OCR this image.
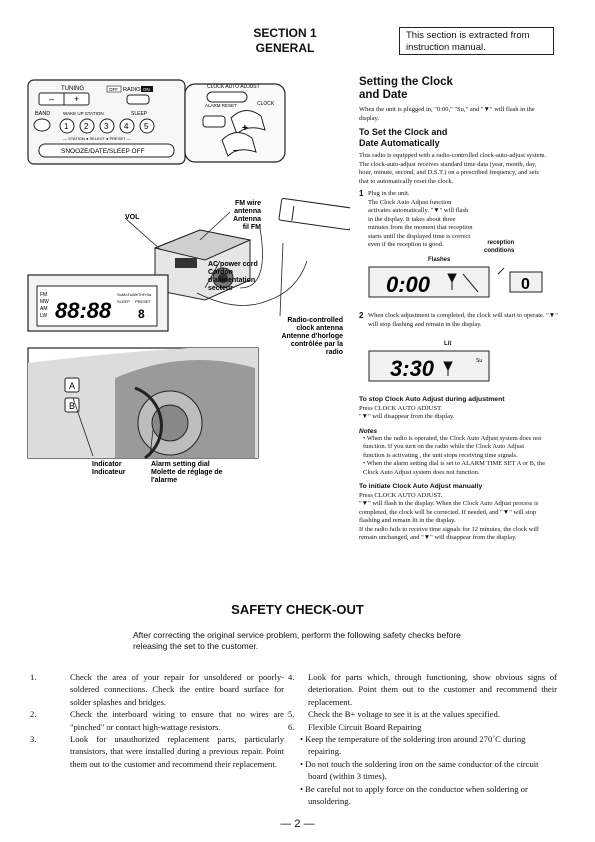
SECTION 1
GENERAL
This section is extracted from instruction manual.
TUNING
– +
OFF RADIO ON
BAND	WAKE UP STATION	SLEEP
1 2 3 4 5
— STATION ● SELECT ● PRESET —
SNOOZE/DATE/SLEEP OFF
CLOCK AUTO ADJUST
ALARM RESET	CLOCK
+
–
VOL
FM wire
antenna
Antenna
fil FM
AC power cord
Cordon
d'alimentation
secteur
Radio-controlled
clock antenna
Antenne d'horloge
contrôlée par la
radio
FM
MW
AM
LW 88:88
SuMoTuWeThFrSa
SLEEP PRESET
8
A
B
Indicator
Indicateur
Alarm setting dial
Molette de réglage de
l'alarme
Setting the Clock
and Date
When the unit is plugged in, "0:00," "Su," and "▼" will flash in the display.
To Set the Clock and
Date Automatically
This radio is equipped with a radio-controlled clock-auto-adjust system.
The clock-auto-adjust receives standard time data (year, month, day, hour, minute, second, and D.S.T.) on a prescribed frequency, and sets that to automatically reset the clock.
1 Plug in the unit.
The Clock Auto Adjust function activates automatically. "▼" will flash in the display. It takes about three minutes from the moment that reception starts until the displayed time is correct even if the reception is good.	reception
conditions
Flashes
0:00	0
2 When clock adjustment is completed, the clock will start to operate. "▼" will stop flashing and remain in the display.
Lit
3:30	Su
To stop Clock Auto Adjust during adjustment
Press CLOCK AUTO ADJUST.
"▼" will disappear from the display.
Notes
• When the radio is operated, the Clock Auto Adjust system does not function. If you turn on the radio while the Clock Auto Adjust function is activating , the unit stops receiving time signals.
• When the alarm setting dial is set to ALARM TIME SET A or B, the Clock Auto Adjust system does not function.
To initiate Clock Auto Adjust manually
Press CLOCK AUTO ADJUST.
"▼" will flash in the display. When the Clock Auto Adjust process is completed, the clock will be corrected. If needed, and "▼" will stop flashing and remain lit in the display.
If the radio fails to receive time signals for 12 minutes, the clock will remain unchanged, and "▼" will disappear from the display.
SAFETY CHECK-OUT
After correcting the original service problem, perform the following safety checks before releasing the set to the customer.
1.	Check the area of your repair for unsoldered or poorly-soldered connections. Check the entire board surface for solder splashes and bridges.
2.	Check the interboard wiring to ensure that no wires are "pinched" or contact high-wattage resistors.
3.	Look for unauthorized replacement parts, particularly transistors, that were installed during a previous repair. Point them out to the customer and recommend their replacement.
4. Look for parts which, through functioning, show obvious signs of deterioration. Point them out to the customer and recommend their replacement.
5. Check the B+ voltage to see it is at the values specified.
6. Flexible Circuit Board Repairing
• Keep the temperature of the soldering iron around 270˚C during repairing.
• Do not touch the soldering iron on the same conductor of the circuit board (within 3 times).
• Be careful not to apply force on the conductor when soldering or unsoldering.
— 2 —
